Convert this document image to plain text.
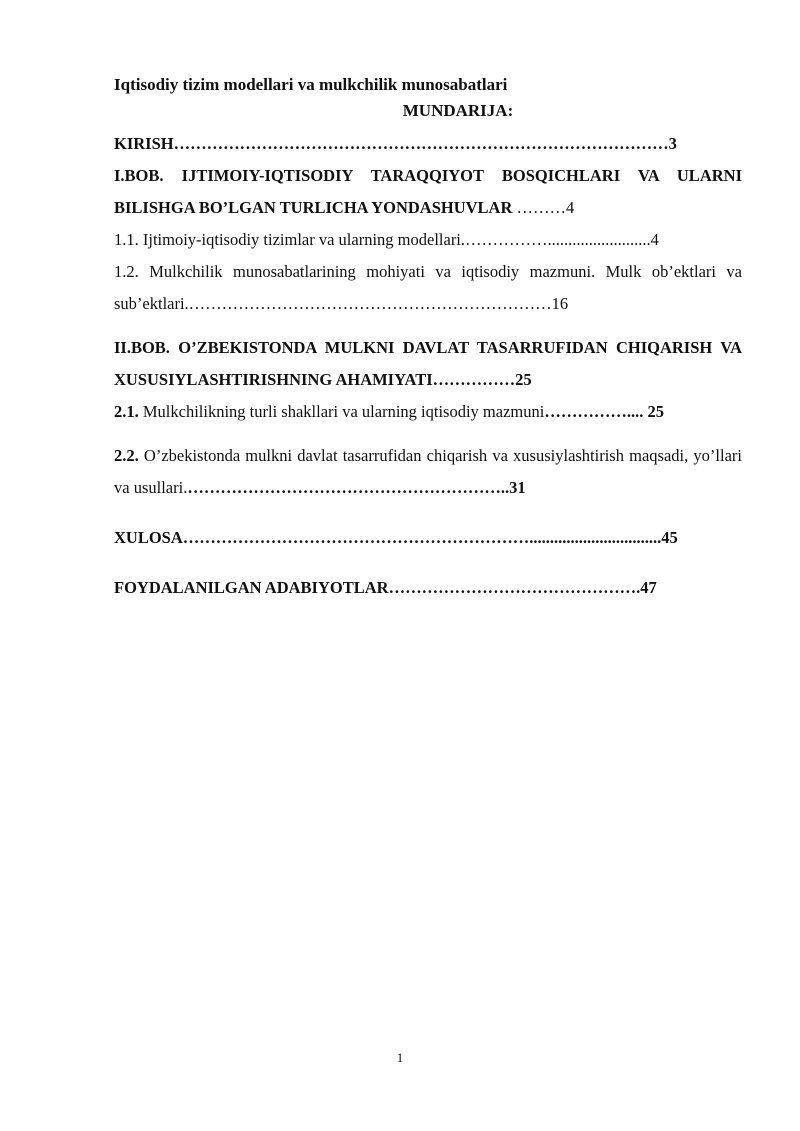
Iqtisodiy tizim modellari va mulkchilik munosabatlari

MUNDARIJA:

KIRISH………………………………………………………………………………3

I.BOB. IJTIMOIY-IQTISODIY TARAQQIYOT BOSQICHLARI VA ULARNI BILISHGA BO’LGAN TURLICHA YONDASHUVLAR ………4

1.1. Ijtimoiy-iqtisodiy tizimlar va ularning modellari.…………….........................4

1.2. Mulkchilik munosabatlarining mohiyati va iqtisodiy mazmuni. Mulk ob’ektlari va sub’ektlari.…………………………………………………………16

II.BOB. O’ZBEKISTONDA MULKNI DAVLAT TASARRUFIDAN CHIQARISH VA XUSUSIYLASHTIRISHNING AHAMIYATI……………25

2.1. Mulkchilikning turli shakllari va ularning iqtisodiy mazmuni…………….... 25

2.2. O’zbekistonda mulkni davlat tasarrufidan chiqarish va xususiylashtirish maqsadi, yo’llari va usullari.…………………………………………………..31

XULOSA………………………………………………………................................45

FOYDALANILGAN ADABIYOTLAR……………………………………….47

1
